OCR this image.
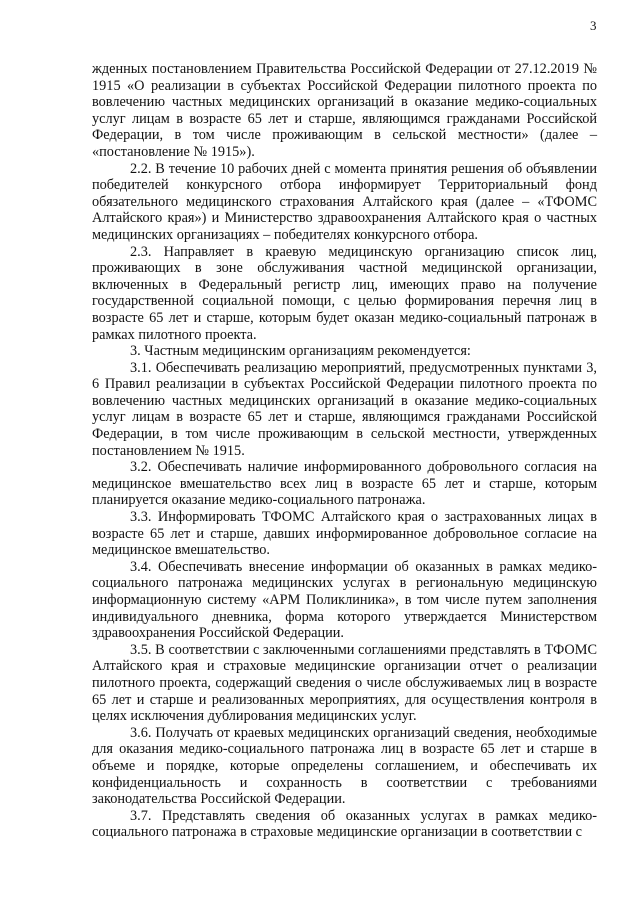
3

жденных постановлением Правительства Российской Федерации от 27.12.2019 № 1915 «О реализации в субъектах Российской Федерации пилотного проекта по вовлечению частных медицинских организаций в оказание медико-социальных услуг лицам в возрасте 65 лет и старше, являющимся гражданами Российской Федерации, в том числе проживающим в сельской местности» (далее – «постановление № 1915»).

2.2. В течение 10 рабочих дней с момента принятия решения об объявлении победителей конкурсного отбора информирует Территориальный фонд обязательного медицинского страхования Алтайского края (далее – «ТФОМС Алтайского края») и Министерство здравоохранения Алтайского края о частных медицинских организациях – победителях конкурсного отбора.

2.3. Направляет в краевую медицинскую организацию список лиц, проживающих в зоне обслуживания частной медицинской организации, включенных в Федеральный регистр лиц, имеющих право на получение государственной социальной помощи, с целью формирования перечня лиц в возрасте 65 лет и старше, которым будет оказан медико-социальный патронаж в рамках пилотного проекта.

3. Частным медицинским организациям рекомендуется:

3.1. Обеспечивать реализацию мероприятий, предусмотренных пунктами 3, 6 Правил реализации в субъектах Российской Федерации пилотного проекта по вовлечению частных медицинских организаций в оказание медико-социальных услуг лицам в возрасте 65 лет и старше, являющимся гражданами Российской Федерации, в том числе проживающим в сельской местности, утвержденных постановлением № 1915.

3.2. Обеспечивать наличие информированного добровольного согласия на медицинское вмешательство всех лиц в возрасте 65 лет и старше, которым планируется оказание медико-социального патронажа.

3.3. Информировать ТФОМС Алтайского края о застрахованных лицах в возрасте 65 лет и старше, давших информированное добровольное согласие на медицинское вмешательство.

3.4. Обеспечивать внесение информации об оказанных в рамках медико-социального патронажа медицинских услугах в региональную медицинскую информационную систему «АРМ Поликлиника», в том числе путем заполнения индивидуального дневника, форма которого утверждается Министерством здравоохранения Российской Федерации.

3.5. В соответствии с заключенными соглашениями представлять в ТФОМС Алтайского края и страховые медицинские организации отчет о реализации пилотного проекта, содержащий сведения о числе обслуживаемых лиц в возрасте 65 лет и старше и реализованных мероприятиях, для осуществления контроля в целях исключения дублирования медицинских услуг.

3.6. Получать от краевых медицинских организаций сведения, необходимые для оказания медико-социального патронажа лиц в возрасте 65 лет и старше в объеме и порядке, которые определены соглашением, и обеспечивать их конфиденциальность и сохранность в соответствии с требованиями законодательства Российской Федерации.

3.7. Представлять сведения об оказанных услугах в рамках медико-социального патронажа в страховые медицинские организации в соответствии с
